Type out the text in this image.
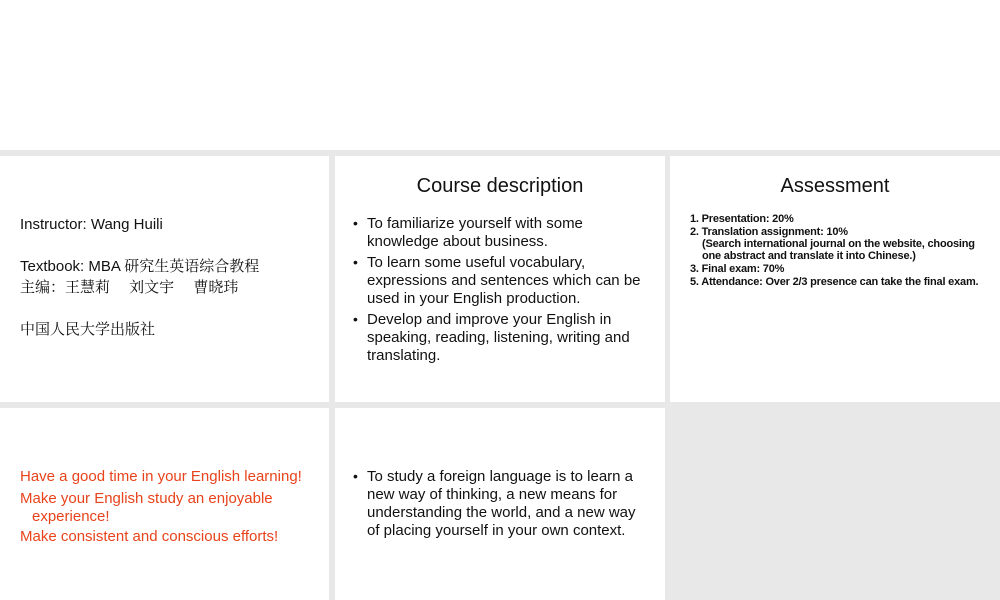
Instructor: Wang Huili
Textbook: MBA 研究生英语综合教程
主编：王慧莉　 刘文宇　 曹晓玮
中国人民大学出版社
Course description
• To familiarize yourself with some knowledge about business.
• To learn some useful vocabulary, expressions and sentences which can be used in your English production.
• Develop and improve your English in speaking, reading, listening, writing and translating.
Assessment
1. Presentation: 20%
2. Translation assignment: 10%
(Search international journal on the website, choosing one abstract and translate it into Chinese.)
3. Final exam: 70%
5. Attendance: Over 2/3 presence can take the final exam.
Have a good time in your English learning!
Make your English study an enjoyable
experience!
Make consistent and conscious efforts!
• To study a foreign language is to learn a new way of thinking, a new means for understanding the world, and a new way of placing yourself in your own context.
